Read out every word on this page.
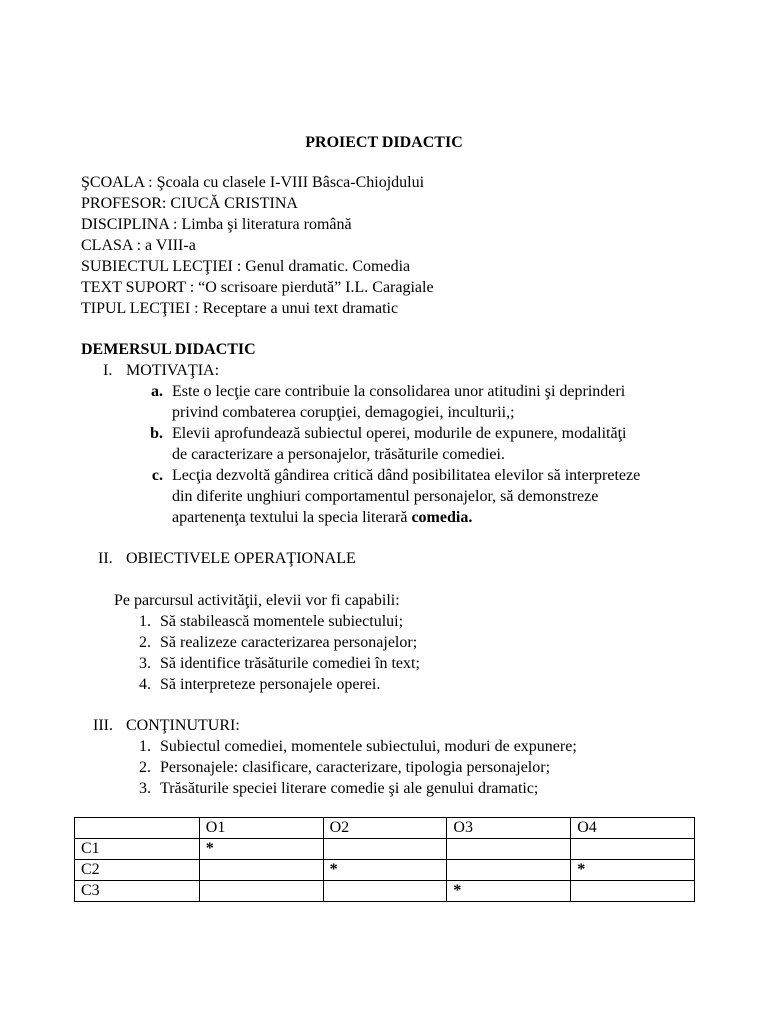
PROIECT DIDACTIC
ŞCOALA : Şcoala cu clasele I-VIII Bâsca-Chiojdului
PROFESOR: CIUCĂ CRISTINA
DISCIPLINA : Limba şi literatura română
CLASA : a VIII-a
SUBIECTUL LECŢIEI : Genul dramatic. Comedia
TEXT SUPORT : “O scrisoare pierdută” I.L. Caragiale
TIPUL LECŢIEI : Receptare a unui text dramatic
DEMERSUL DIDACTIC
I. MOTIVAŢIA:
a. Este o lecţie care contribuie la consolidarea unor atitudini şi deprinderi
privind combaterea corupţiei, demagogiei, inculturii,;
b. Elevii aprofundează subiectul operei, modurile de expunere, modalităţi
de caracterizare a personajelor, trăsăturile comediei.
c. Lecţia dezvoltă gândirea critică dând posibilitatea elevilor să interpreteze
din diferite unghiuri comportamentul personajelor, să demonstreze
apartenenţa textului la specia literară comedia.
II. OBIECTIVELE OPERAŢIONALE
Pe parcursul activităţii, elevii vor fi capabili:
1. Să stabilească momentele subiectului;
2. Să realizeze caracterizarea personajelor;
3. Să identifice trăsăturile comediei în text;
4. Să interpreteze personajele operei.
III. CONŢINUTURI:
1. Subiectul comediei, momentele subiectului, moduri de expunere;
2. Personajele: clasificare, caracterizare, tipologia personajelor;
3. Trăsăturile speciei literare comedie şi ale genului dramatic;
	O1	O2	O3	O4
C1	*			
C2		*		*
C3			*	
